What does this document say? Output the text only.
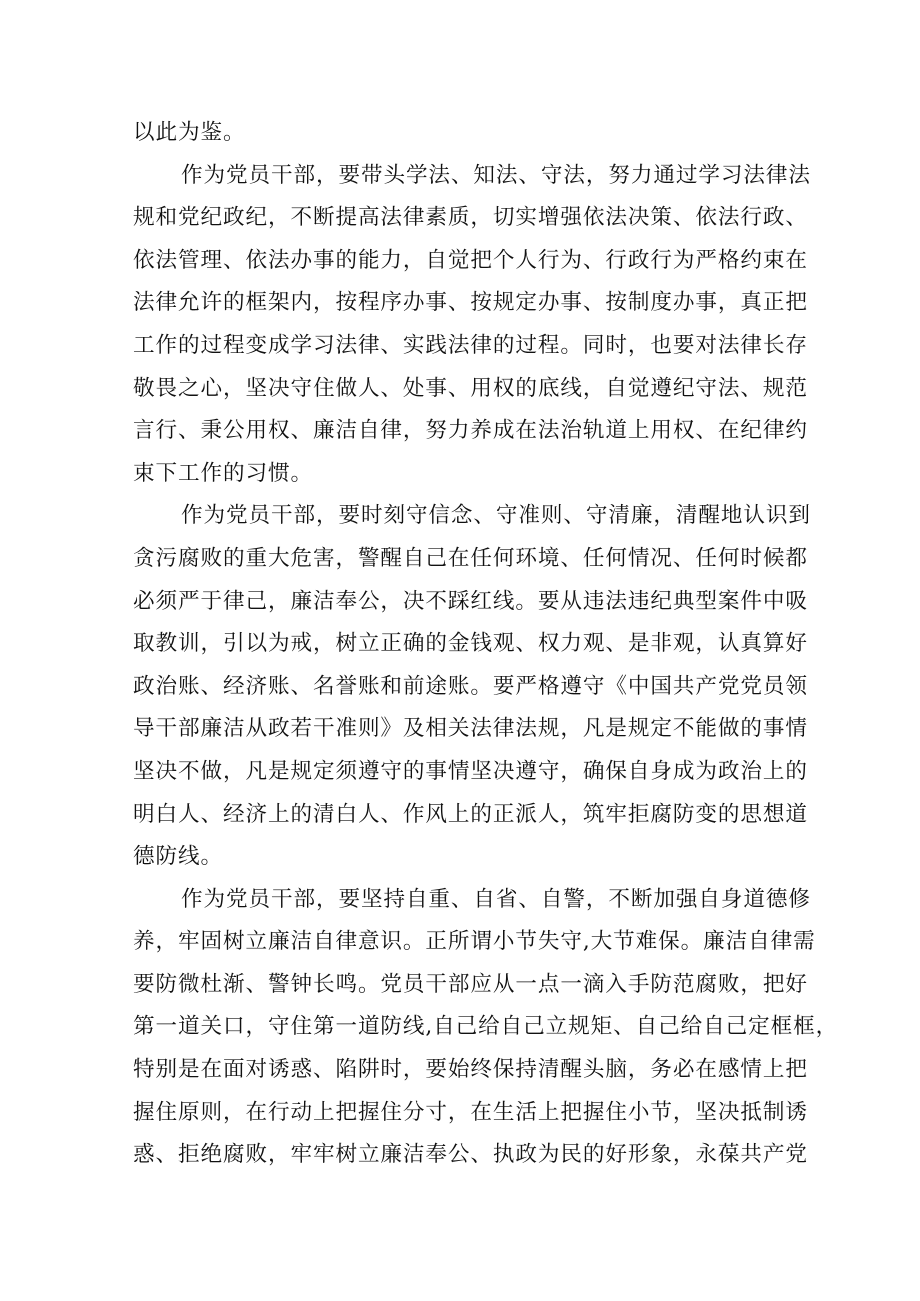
以此为鉴。
作为党员干部，要带头学法、知法、守法，努力通过学习法律法
规和党纪政纪，不断提高法律素质，切实增强依法决策、依法行政、
依法管理、依法办事的能力，自觉把个人行为、行政行为严格约束在
法律允许的框架内，按程序办事、按规定办事、按制度办事，真正把
工作的过程变成学习法律、实践法律的过程。同时，也要对法律长存
敬畏之心，坚决守住做人、处事、用权的底线，自觉遵纪守法、规范
言行、秉公用权、廉洁自律，努力养成在法治轨道上用权、在纪律约
束下工作的习惯。
作为党员干部，要时刻守信念、守准则、守清廉，清醒地认识到
贪污腐败的重大危害，警醒自己在任何环境、任何情况、任何时候都
必须严于律己，廉洁奉公，决不踩红线。要从违法违纪典型案件中吸
取教训，引以为戒，树立正确的金钱观、权力观、是非观，认真算好
政治账、经济账、名誉账和前途账。要严格遵守《中国共产党党员领
导干部廉洁从政若干准则》及相关法律法规，凡是规定不能做的事情
坚决不做，凡是规定须遵守的事情坚决遵守，确保自身成为政治上的
明白人、经济上的清白人、作风上的正派人，筑牢拒腐防变的思想道
德防线。
作为党员干部，要坚持自重、自省、自警，不断加强自身道德修
养，牢固树立廉洁自律意识。正所谓小节失守,大节难保。廉洁自律需
要防微杜渐、警钟长鸣。党员干部应从一点一滴入手防范腐败，把好
第一道关口，守住第一道防线,自己给自己立规矩、自己给自己定框框，
特别是在面对诱惑、陷阱时，要始终保持清醒头脑，务必在感情上把
握住原则，在行动上把握住分寸，在生活上把握住小节，坚决抵制诱
惑、拒绝腐败，牢牢树立廉洁奉公、执政为民的好形象，永葆共产党
